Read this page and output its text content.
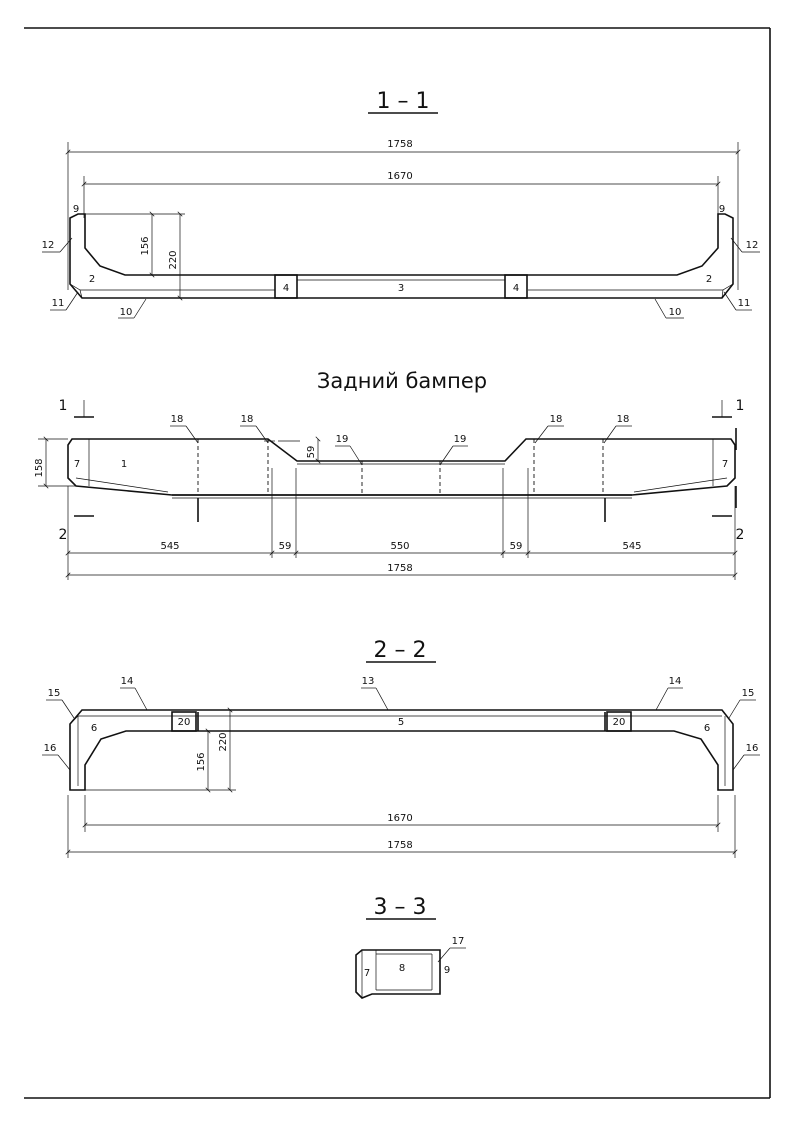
1 – 1
1758
1670
156
220
9	9
12	12
2	2
11	11
10	10
4	4
3
Задний бампер
1	1
2	2
158
59
7	7
1
18	18	18	18
19	19
545	59	550	59	545
1758
2 – 2
156
220
1670
1758
15	15
14	14
13
6	6
20	20
5
16	16
3 – 3
7	8	9
17
